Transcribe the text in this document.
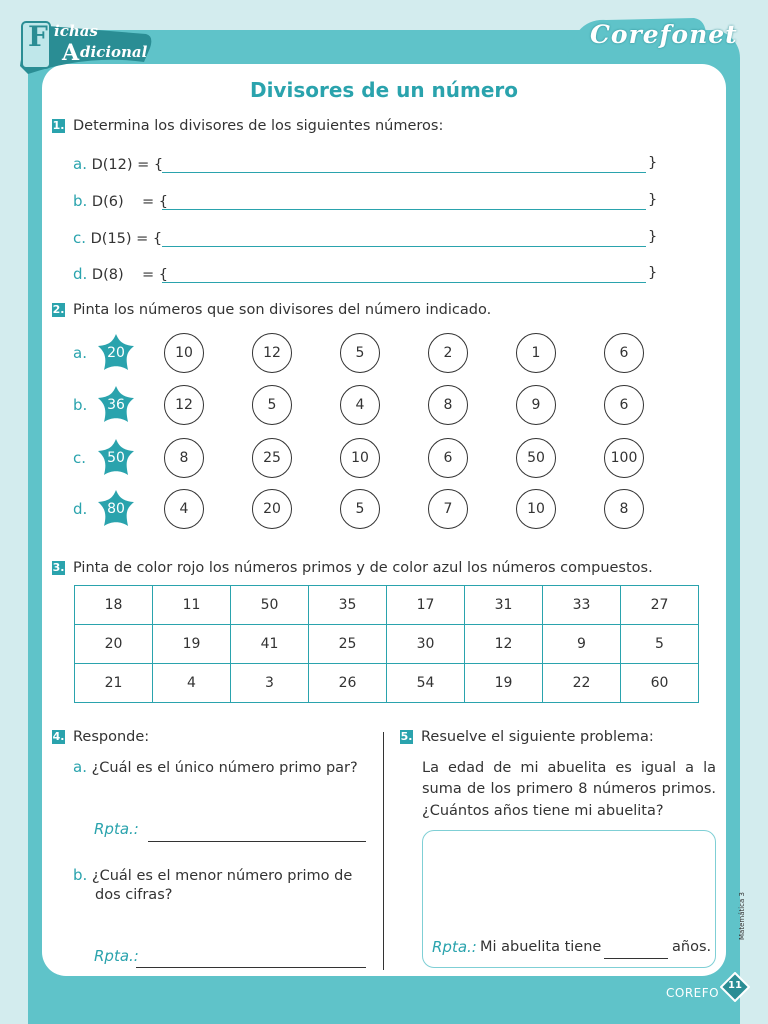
F A
ichas
dicional
Corefonet
Divisores de un número
1. Determina los divisores de los siguientes números:
a. D(12) = {	}
b. D(6)    = {	}
c. D(15) = {	}
d. D(8)    = {	}
2. Pinta los números que son divisores del número indicado.
a.	20	10	12	5	2	1	6
b.	36	12	5	4	8	9	6
c.	50	8	25	10	6	50	100
d.	80	4	20	5	7	10	8
3. Pinta de color rojo los números primos y de color azul los números compuestos.
18	11	50	35	17	31	33	27
20	19	41	25	30	12	9	5
21	4	3	26	54	19	22	60
4. Responde:
a. ¿Cuál es el único número primo par?
Rpta.:
b. ¿Cuál es el menor número primo de
dos cifras?
Rpta.:
5. Resuelve el siguiente problema:
La edad de mi abuelita es igual a la
suma de los primero 8 números primos.
¿Cuántos años tiene mi abuelita?
Rpta.: Mi abuelita tiene	años.
COREFO
11
Matemática 3
